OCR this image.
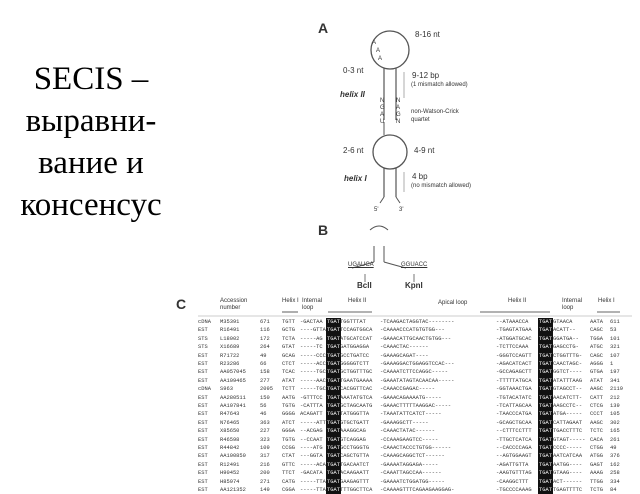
SECIS –
выравни-
вание и
консенсус
A
A
A
A
N
G
A
U
N
A
G
N
5'	3'
8-16 nt
0-3 nt
9-12 bp
(1 mismatch allowed)
helix II
non-Watson-Crick quartet
2-6 nt	4-9 nt
helix I	4 bp
(no mismatch allowed)
B
UGAUCA	GGUACC
BclI	KpnI
C	Accession number
Helix I Internal loop
Helix II	Apical loop	Helix II	Internal loop
Helix I
cDNA M35391	671 TGTT -GACTAA TGAT TGGTTTAT	-TCAAGACTAGGTAC--------	--ATAAACCA TGAT GTAACA	AATA 611
EST R16491	116 GCTG ----GTTA TGAT TCCAGTGGCA -CAAAACCCATGTGTGG---	-TGAGTATGAA TGAT ACATT--	CAGC 53
STS L18002	172 TCTA -----AG TGAT ATGCATCCAT -GAAACATTGCAACTGTGG---	-ATGGATGCAC TGAT GGATGA-- TGGA 101
STS X16689	264 GTAT -----TC TGAT GATGGAGGA -CAAACTAC------	-TCTTCCAAA TGAT GAGCCTG- ATGC 321
EST R71722	49	GCAG -----CCC TGAT GCCTGATCC -GAAAGCAGAT----	-GGGTCCAGTT TGAT CTGGTTTG- CAGC 107
EST R23286	66	CTCT -----ACC TGAT GGGGGTCTT -GAAAGGACTGGAGGTCCAC---	-AGACATCACT TGAT CAACTAGC- AGGG 1
EST AA057045	158 TCAC -----TGC TGAT GCTGGTTTGC -CAAAATCTTCCAGGC-----	-GCCAGAGCTT TGAT GGTCT---- GTGA 197
EST AA109465	277 ATAT -----AAC TGAT TGAATGAAAA -GAAATATAGTACAACAA-----	-TTTTTATGCA TGAT ATATTTAAG ATAT 341
cDNA S963	2095 TCTT -----TGC TGAT CACGGTTCAC -CAAACCGAGAC-----	-GGTAAACTGA TGAT GTAGCCT-- AAGC 2119
EST AA280511	150 AATG -GTTTCC TGAT AAATATGTCA -GAAACAGAAAATG-----	-TGTACATATC TGAT AACATCTT- CATT 212
EST AA107841	56	TGTG -CATTTA TGAT GCTAGCAATG -GAAACTTTTTAAGGAC-----	-TCATTAGCAA TGAT AAGCCTC-- CTCG 139
EST R47643	46	GGGG ACAGATT TGAT TATGGGTTA -TAAATATTCATCT-----	-TAACCCATGA TGAT ATGA----- CCCT 105
EST N76465	363 ATCT -----ATT TGAT GTGCTGATT -GAAAGGCTT-----	-GCAGCTGCAA TGAT CATTAGAAT AAGC 302
EST X85650	227 GGGA --ACGAG TGAT AAAGGCAG	-CAAACTATAC------	--CTTTCCTTT TGAT TGACCTTTC TCTC 165
EST R46598	323 TGTG --CCAAT TGAT GTCAGGAG	-CCAAAGAAGTCC-----	-TTGCTCATCA TGAT GTAGT----- CACA 261
EST R44842	109 CCGG ----ATG TGAT GCCTGGGTG -CAAACTACCCTGTGG------	--CACCCCAGA TGAT CCCC----- CTGG 49
EST AA100850	317 CTAT ---GGTA TGAT CAGCTGTTA -CAAAGCAGGCTCT------	--AGTGGAAGT TGAT AATCATCAA ATGG 376
EST R12491	216 GTTC -----ACA TGAT TGACAATCT -GAAAATAGGAGA-----	-AGATTGTTA TGAT AATGG---- GAGT 162
EST H90452	200 TTCT -GACATA TGAT ACAAGAATT -CAAATTAGCCAA------	-AAGTGTTTAG TGAT GTAAG---- AAAG 258
EST H85974	271 CATG -----TTA TGAT GAAGAGTTT -GAAAATCTGGATGG-----	-CAAGGCTTT TGAT ACT------ TTGG 334
EST AA121352	149 CGGA -----TTA TGAT TTTGGCTTCA -CAAAAGTTTCAGAAGAAGGAG-	-TGCCCCAAAG TGAT TGAGTTTTC TCTG 84
